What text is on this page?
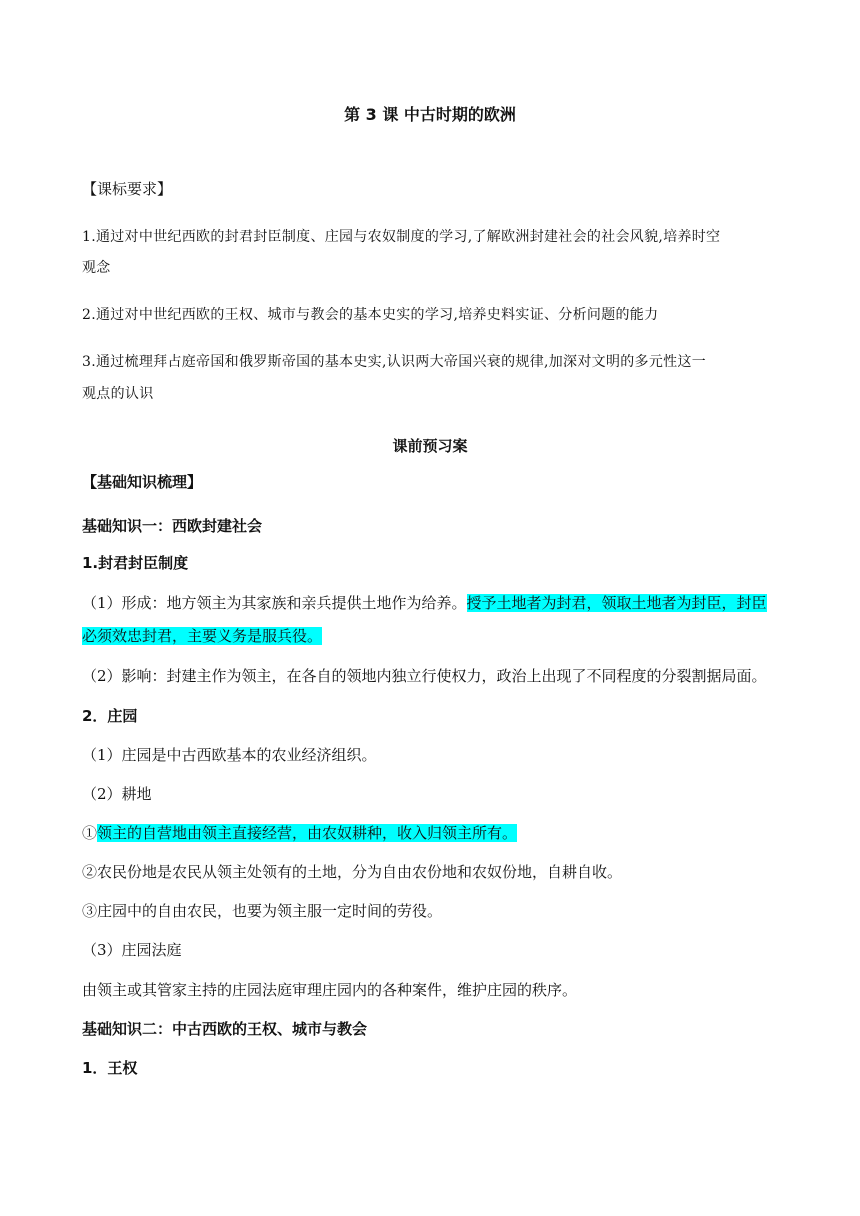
第 3 课 中古时期的欧洲
【课标要求】
1.通过对中世纪西欧的封君封臣制度、庄园与农奴制度的学习,了解欧洲封建社会的社会风貌,培养时空
观念
2.通过对中世纪西欧的王权、城市与教会的基本史实的学习,培养史料实证、分析问题的能力
3.通过梳理拜占庭帝国和俄罗斯帝国的基本史实,认识两大帝国兴衰的规律,加深对文明的多元性这一
观点的认识
课前预习案
【基础知识梳理】
基础知识一：西欧封建社会
1.封君封臣制度
（1）形成：地方领主为其家族和亲兵提供土地作为给养。授予土地者为封君，领取土地者为封臣，封臣
必须效忠封君，主要义务是服兵役。
（2）影响：封建主作为领主，在各自的领地内独立行使权力，政治上出现了不同程度的分裂割据局面。
2．庄园
（1）庄园是中古西欧基本的农业经济组织。
（2）耕地
①领主的自营地由领主直接经营，由农奴耕种，收入归领主所有。
②农民份地是农民从领主处领有的土地，分为自由农份地和农奴份地，自耕自收。
③庄园中的自由农民，也要为领主服一定时间的劳役。
（3）庄园法庭
由领主或其管家主持的庄园法庭审理庄园内的各种案件，维护庄园的秩序。
基础知识二：中古西欧的王权、城市与教会
1．王权
